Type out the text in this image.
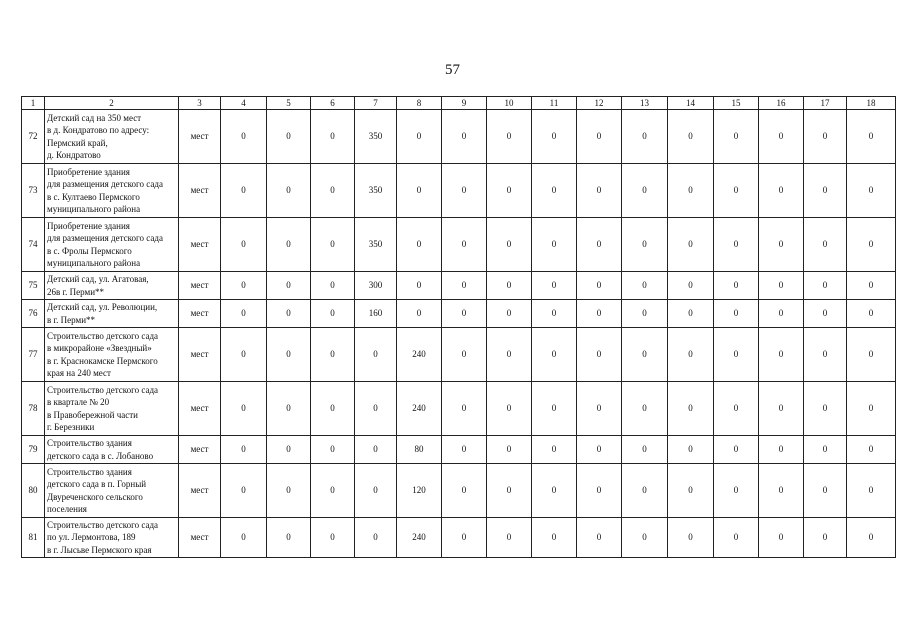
57
1	2	3	4	5	6	7	8	9	10	11	12	13	14	15	16	17	18
72	Детский сад на 350 мест
в д. Кондратово по адресу:
Пермский край,
д. Кондратово	мест	0	0	0	350	0	0	0	0	0	0	0	0	0	0	0
73	Приобретение здания
для размещения детского сада
в с. Култаево Пермского
муниципального района	мест	0	0	0	350	0	0	0	0	0	0	0	0	0	0	0
74	Приобретение здания
для размещения детского сада
в с. Фролы Пермского
муниципального района	мест	0	0	0	350	0	0	0	0	0	0	0	0	0	0	0
75	Детский сад, ул. Агатовая,
26в г. Перми**	мест	0	0	0	300	0	0	0	0	0	0	0	0	0	0	0
76	Детский сад, ул. Революции,
в г. Перми**	мест	0	0	0	160	0	0	0	0	0	0	0	0	0	0	0
77	Строительство детского сада
в микрорайоне «Звездный»
в г. Краснокамске Пермского
края на 240 мест	мест	0	0	0	0	240	0	0	0	0	0	0	0	0	0	0
78	Строительство детского сада
в квартале № 20
в Правобережной части
г. Березники	мест	0	0	0	0	240	0	0	0	0	0	0	0	0	0	0
79	Строительство здания
детского сада в с. Лобаново	мест	0	0	0	0	80	0	0	0	0	0	0	0	0	0	0
80	Строительство здания
детского сада в п. Горный
Двуреченского сельского
поселения	мест	0	0	0	0	120	0	0	0	0	0	0	0	0	0	0
81	Строительство детского сада
по ул. Лермонтова, 189
в г. Лысьве Пермского края	мест	0	0	0	0	240	0	0	0	0	0	0	0	0	0	0
